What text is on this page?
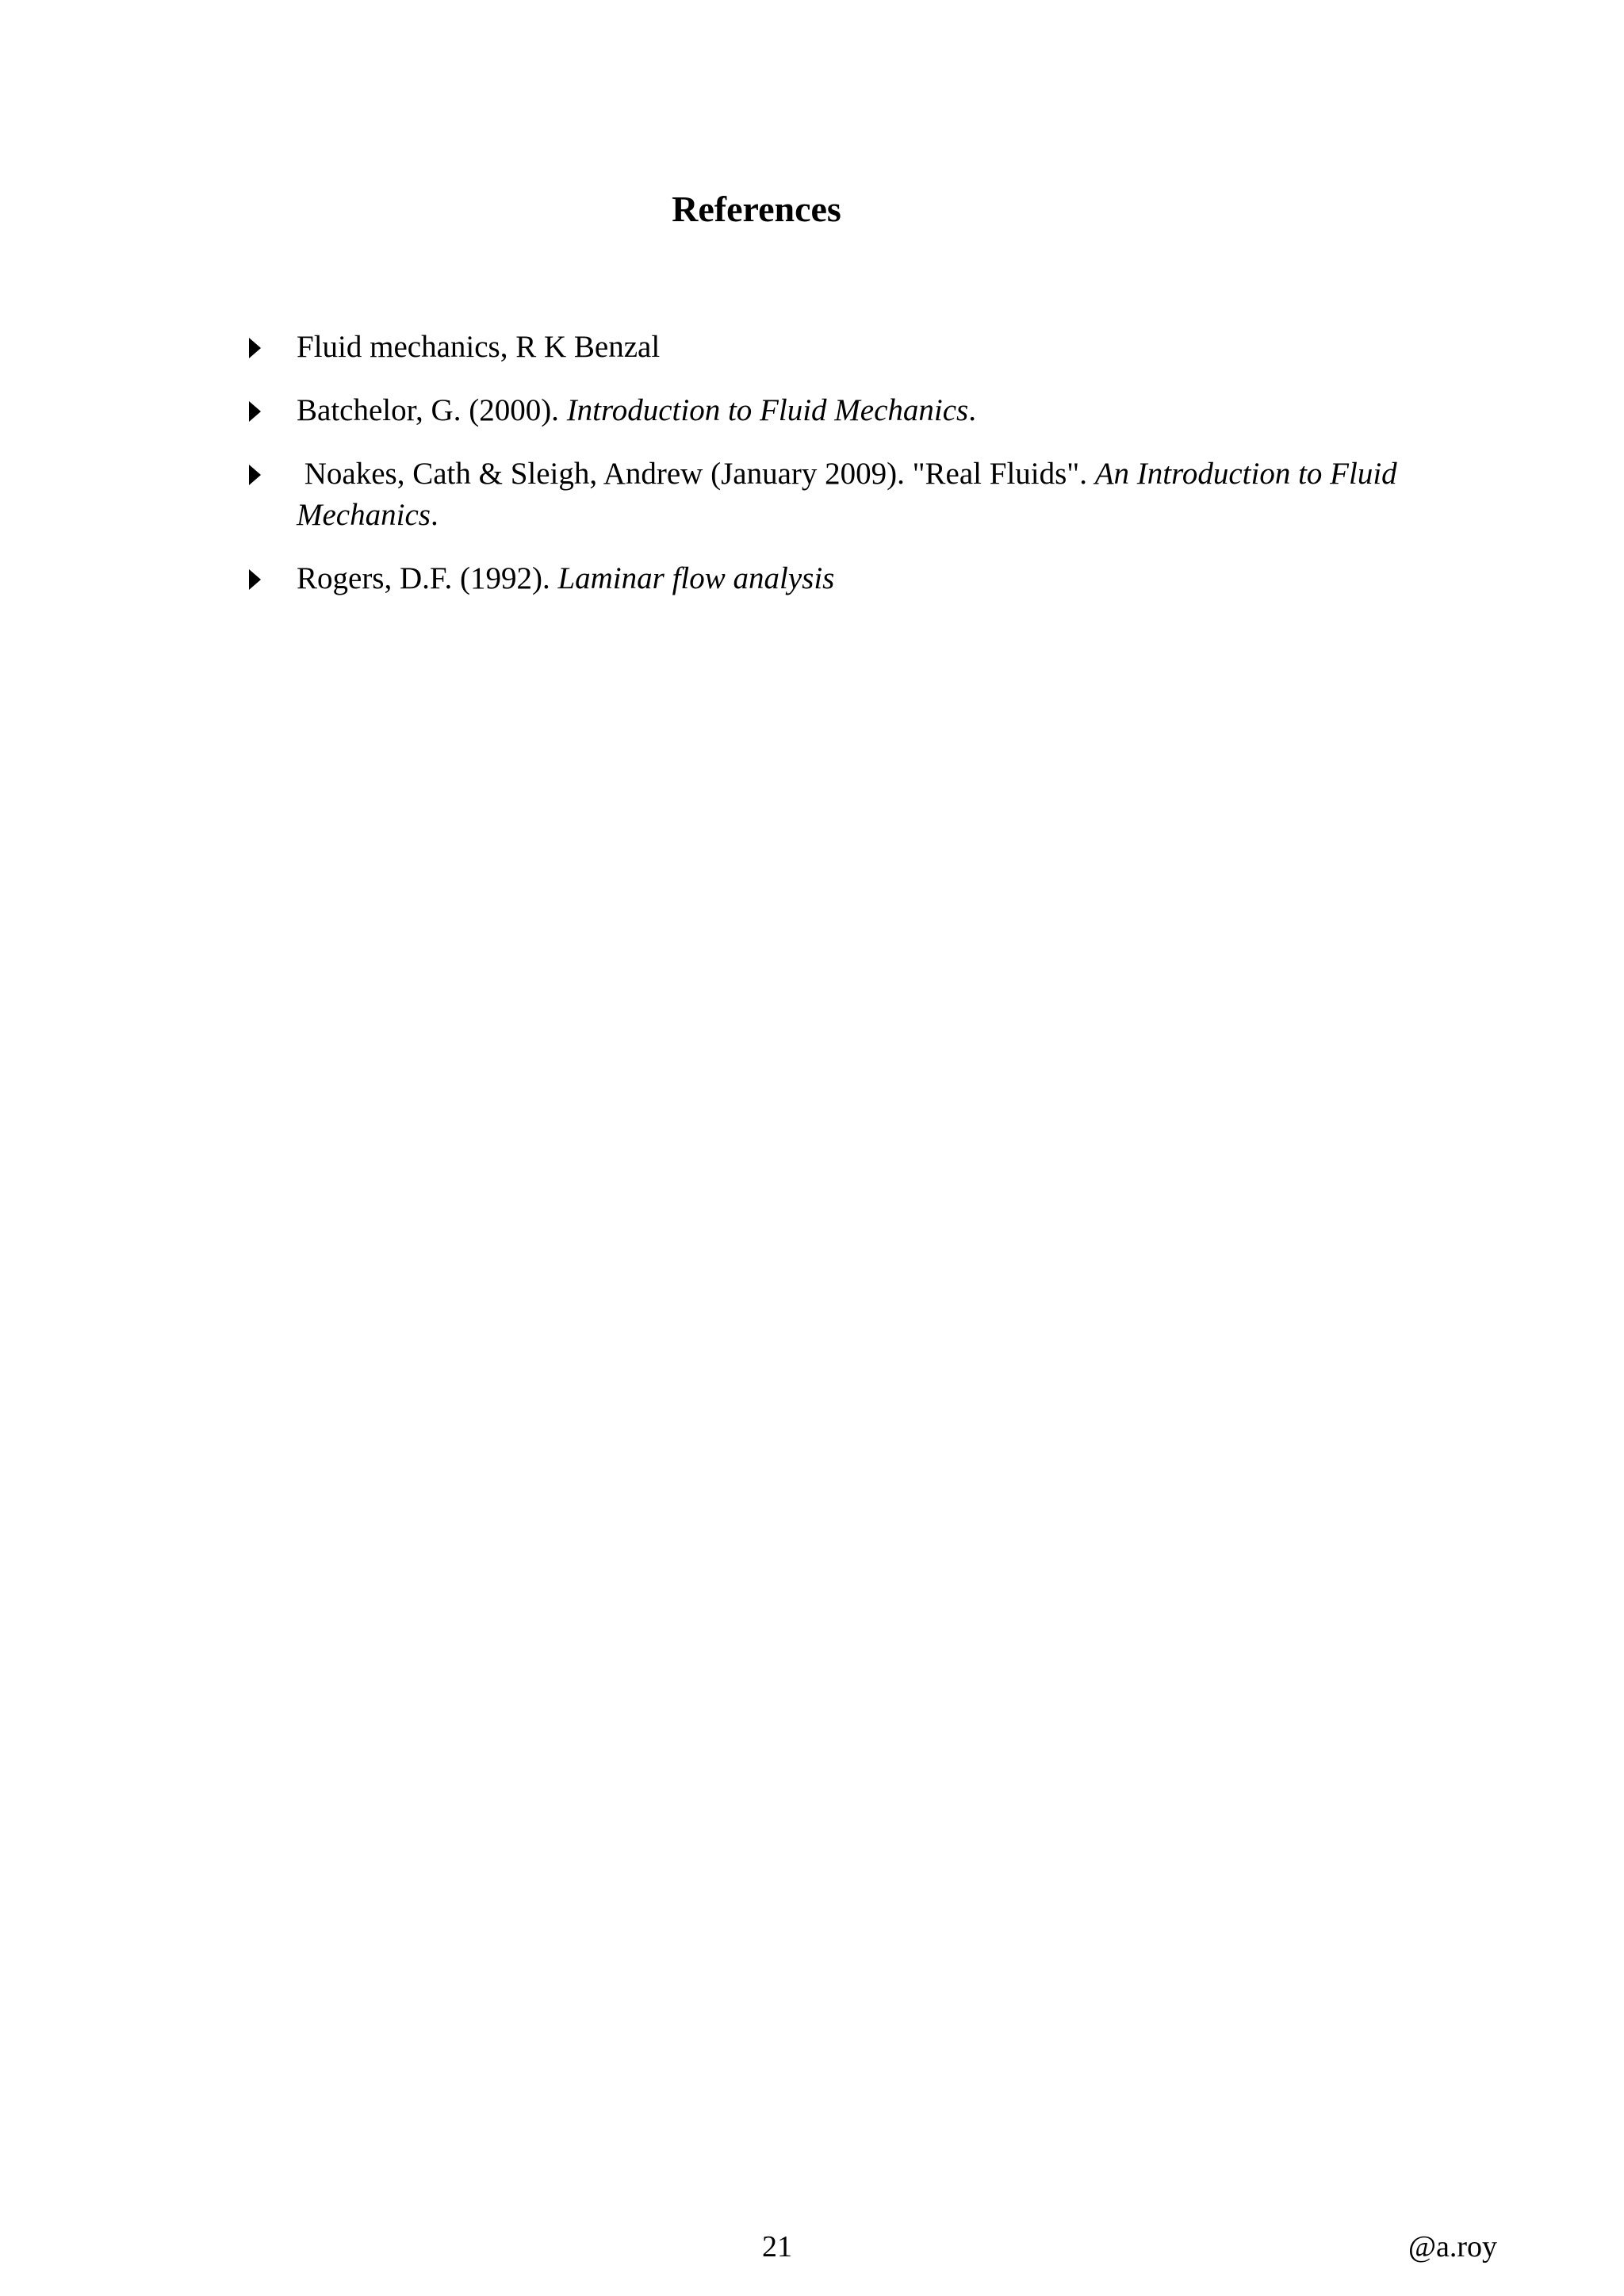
References
Fluid mechanics, R K Benzal
Batchelor, G. (2000). Introduction to Fluid Mechanics.
Noakes, Cath & Sleigh, Andrew (January 2009). "Real Fluids". An Introduction to Fluid Mechanics.
Rogers, D.F. (1992). Laminar flow analysis
21	@a.roy
